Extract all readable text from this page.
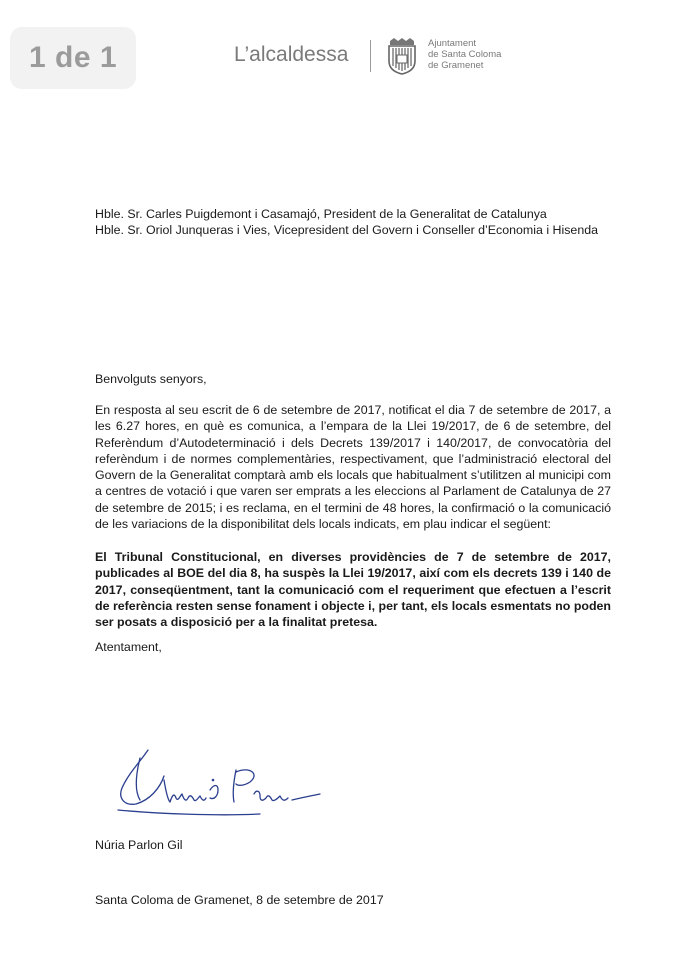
1 de 1	L’alcaldessa	Ajuntament
de Santa Coloma
de Gramenet
Hble. Sr. Carles Puigdemont i Casamajó, President de la Generalitat de Catalunya
Hble. Sr. Oriol Junqueras i Vies, Vicepresident del Govern i Conseller d’Economia i Hisenda
Benvolguts senyors,
En resposta al seu escrit de 6 de setembre de 2017, notificat el dia 7 de setembre de 2017, a les 6.27 hores, en què es comunica, a l’empara de la Llei 19/2017, de 6 de setembre, del Referèndum d’Autodeterminació i dels Decrets 139/2017 i 140/2017, de convocatòria del referèndum i de normes complementàries, respectivament, que l’administració electoral del Govern de la Generalitat comptarà amb els locals que habitualment s’utilitzen al municipi com a centres de votació i que varen ser emprats a les eleccions al Parlament de Catalunya de 27 de setembre de 2015; i es reclama, en el termini de 48 hores, la confirmació o la comunicació de les variacions de la disponibilitat dels locals indicats, em plau indicar el següent:
El Tribunal Constitucional, en diverses providències de 7 de setembre de 2017, publicades al BOE del dia 8, ha suspès la Llei 19/2017, així com els decrets 139 i 140 de 2017, conseqüentment, tant la comunicació com el requeriment que efectuen a l’escrit de referència resten sense fonament i objecte i, per tant, els locals esmentats no poden ser posats a disposició per a la finalitat pretesa.
Atentament,
Núria Parlon Gil
Santa Coloma de Gramenet, 8 de setembre de 2017
